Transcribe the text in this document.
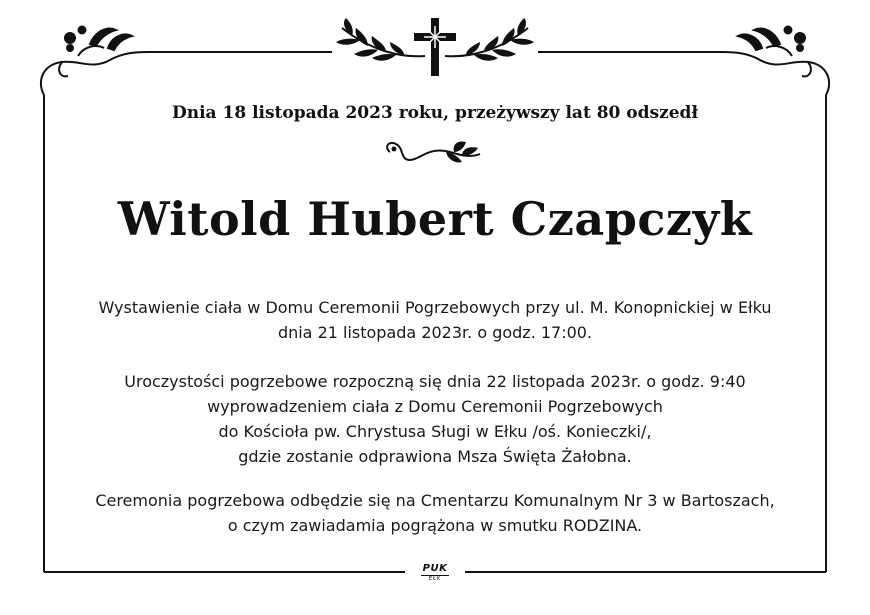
Dnia 18 listopada 2023 roku, przeżywszy lat 80 odszedł
Witold Hubert Czapczyk
Wystawienie ciała w Domu Ceremonii Pogrzebowych przy ul. M. Konopnickiej w Ełku
dnia 21 listopada 2023r. o godz. 17:00.
Uroczystości pogrzebowe rozpoczną się dnia 22 listopada 2023r. o godz. 9:40
wyprowadzeniem ciała z Domu Ceremonii Pogrzebowych
do Kościoła pw. Chrystusa Sługi w Ełku /oś. Konieczki/,
gdzie zostanie odprawiona Msza Święta Żałobna.
Ceremonia pogrzebowa odbędzie się na Cmentarzu Komunalnym Nr 3 w Bartoszach,
o czym zawiadamia pogrążona w smutku RODZINA.
PUK
EŁK
